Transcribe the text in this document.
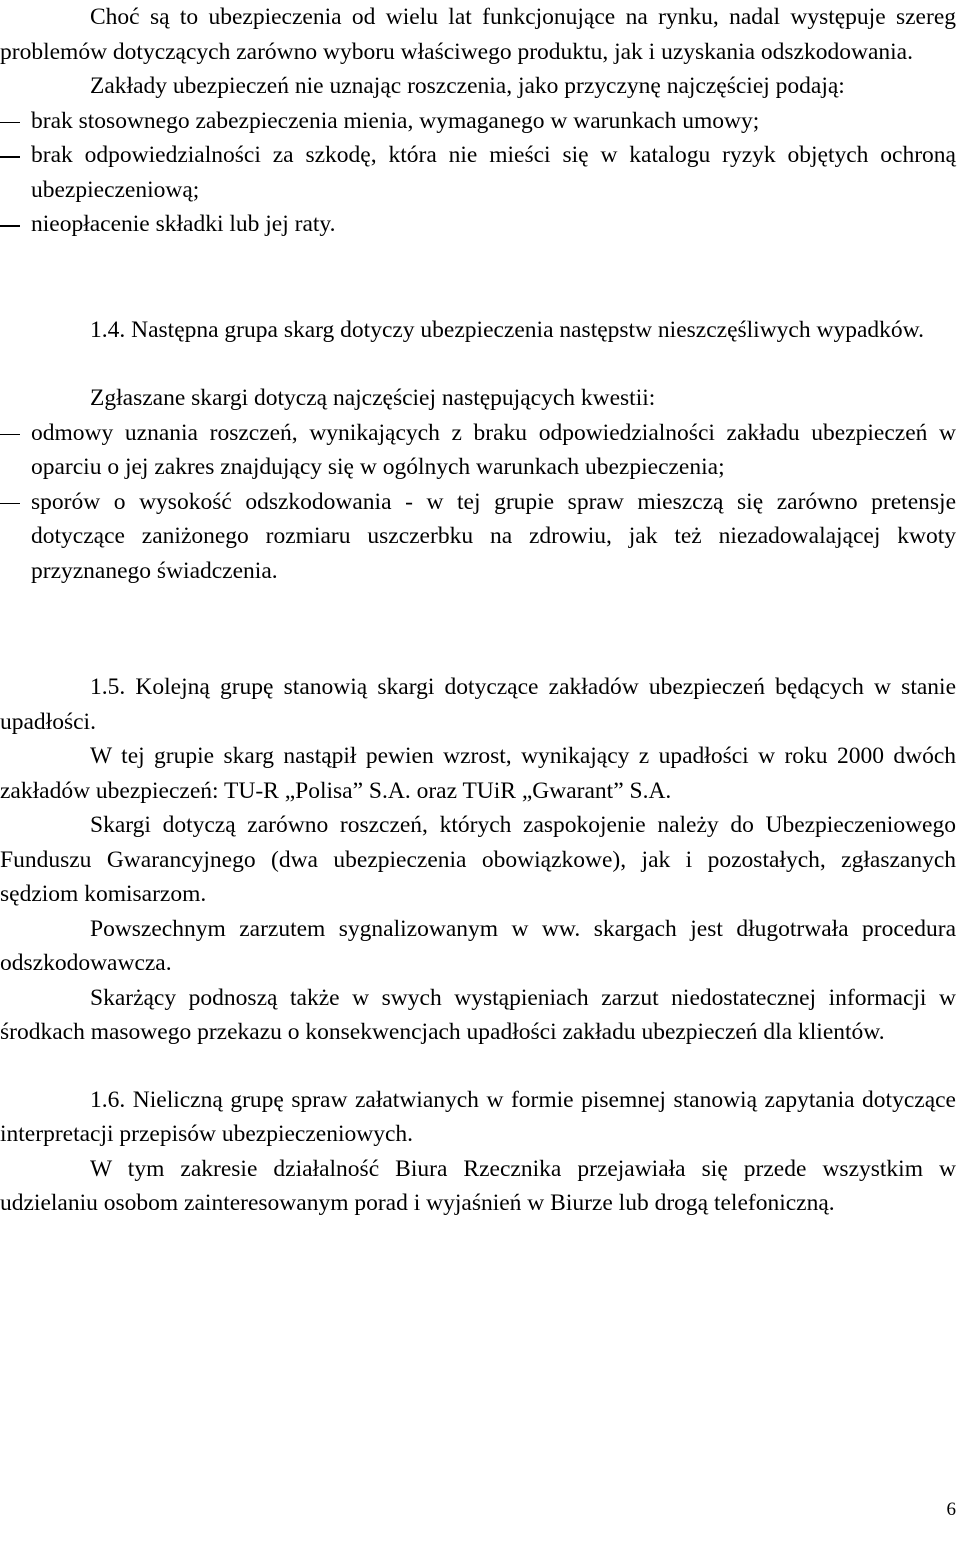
Choć są to ubezpieczenia od wielu lat funkcjonujące na rynku, nadal występuje szereg problemów dotyczących zarówno wyboru właściwego produktu, jak i uzyskania odszkodowania.

Zakłady ubezpieczeń nie uznając roszczenia, jako przyczynę najczęściej podają:

brak stosownego zabezpieczenia mienia, wymaganego w warunkach umowy;
brak odpowiedzialności za szkodę, która nie mieści się w katalogu ryzyk objętych ochroną ubezpieczeniową;
nieopłacenie składki lub jej raty.

1.4. Następna grupa skarg dotyczy ubezpieczenia następstw nieszczęśliwych wypadków.

Zgłaszane skargi dotyczą najczęściej następujących kwestii:

odmowy uznania roszczeń, wynikających z braku odpowiedzialności zakładu ubezpieczeń w oparciu o jej zakres znajdujący się w ogólnych warunkach ubezpieczenia;
sporów o wysokość odszkodowania - w tej grupie spraw mieszczą się zarówno pretensje dotyczące zaniżonego rozmiaru uszczerbku na zdrowiu, jak też niezadowalającej kwoty przyznanego świadczenia.

1.5. Kolejną grupę stanowią skargi dotyczące zakładów ubezpieczeń będących w stanie upadłości.

W tej grupie skarg nastąpił pewien wzrost, wynikający z upadłości w roku 2000 dwóch zakładów ubezpieczeń: TU-R „Polisa” S.A. oraz TUiR „Gwarant” S.A.

Skargi dotyczą zarówno roszczeń, których zaspokojenie należy do Ubezpieczeniowego Funduszu Gwarancyjnego (dwa ubezpieczenia obowiązkowe), jak i pozostałych, zgłaszanych sędziom komisarzom.

Powszechnym zarzutem sygnalizowanym w ww. skargach jest długotrwała procedura odszkodowawcza.

Skarżący podnoszą także w swych wystąpieniach zarzut niedostatecznej informacji w środkach masowego przekazu o konsekwencjach upadłości zakładu ubezpieczeń dla klientów.

1.6. Nieliczną grupę spraw załatwianych w formie pisemnej stanowią zapytania dotyczące interpretacji przepisów ubezpieczeniowych.

W tym zakresie działalność Biura Rzecznika przejawiała się przede wszystkim w udzielaniu osobom zainteresowanym porad i wyjaśnień w Biurze lub drogą telefoniczną.

6
